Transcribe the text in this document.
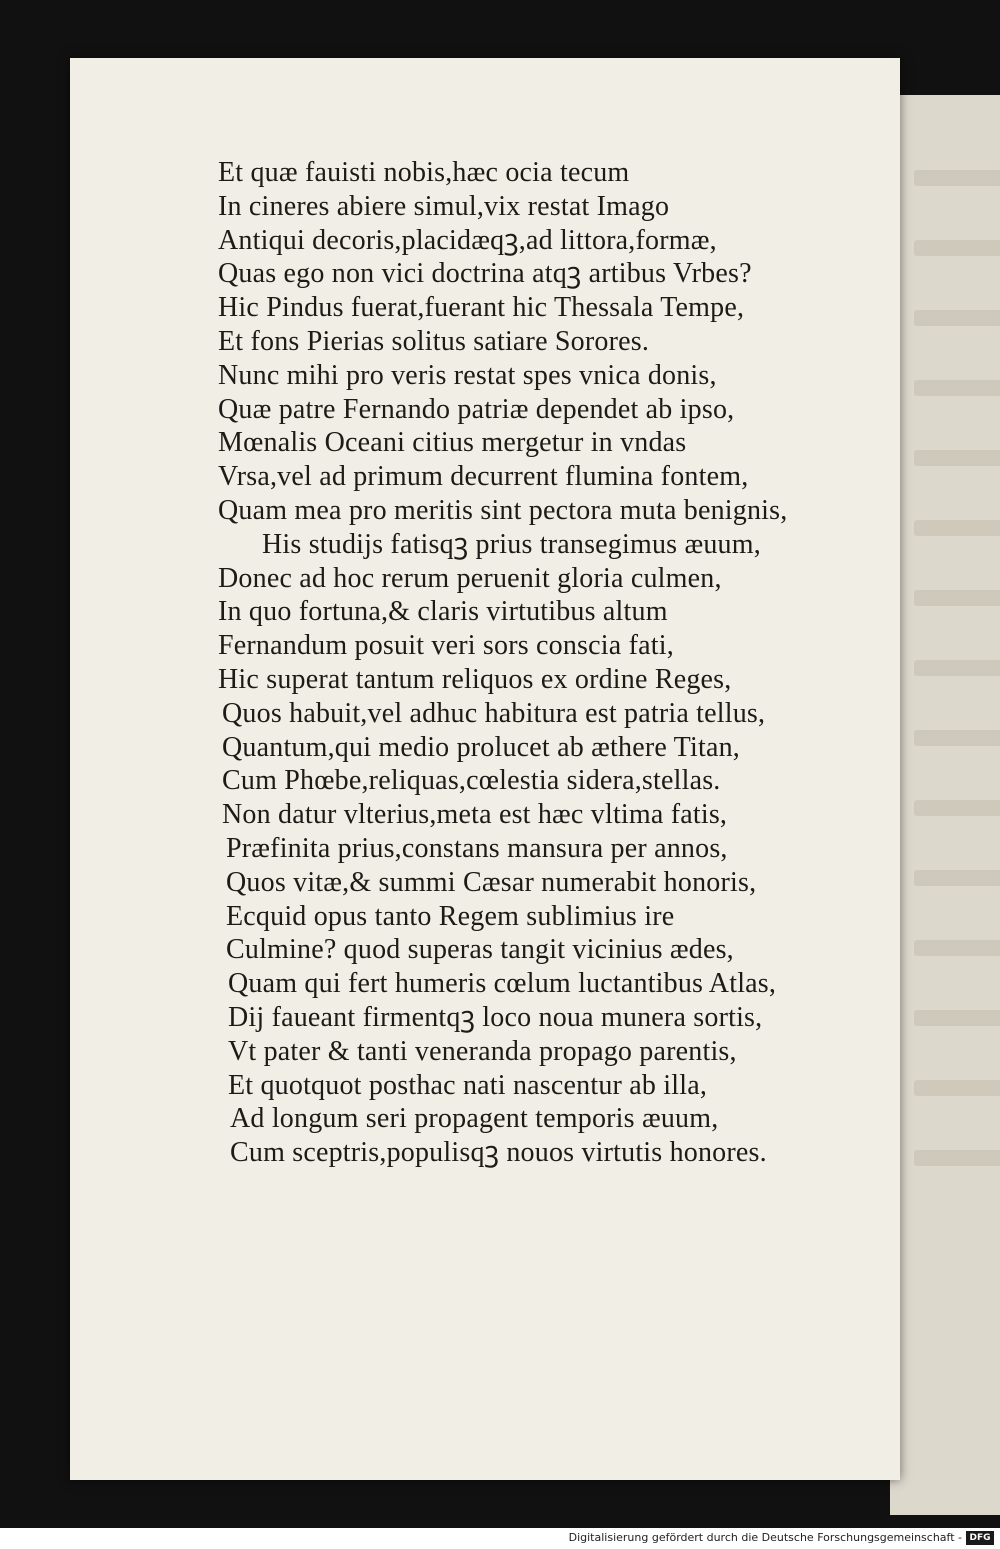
Et quæ fauisti nobis,hæc ocia tecum
In cineres abiere simul,vix restat Imago
Antiqui decoris,placidæqꝫ,ad littora,formæ,
Quas ego non vici doctrina atqꝫ artibus Vrbes?
Hic Pindus fuerat,fuerant hic Thessala Tempe,
Et fons Pierias solitus satiare Sorores.
Nunc mihi pro veris restat spes vnica donis,
Quæ patre Fernando patriæ dependet ab ipso,
Mœnalis Oceani citius mergetur in vndas
Vrsa,vel ad primum decurrent flumina fontem,
Quam mea pro meritis sint pectora muta benignis,
His studijs fatisqꝫ prius transegimus æuum,
Donec ad hoc rerum peruenit gloria culmen,
In quo fortuna,& claris virtutibus altum
Fernandum posuit veri sors conscia fati,
Hic superat tantum reliquos ex ordine Reges,
Quos habuit,vel adhuc habitura est patria tellus,
Quantum,qui medio prolucet ab æthere Titan,
Cum Phœbe,reliquas,cœlestia sidera,stellas.
Non datur vlterius,meta est hæc vltima fatis,
Præfinita prius,constans mansura per annos,
Quos vitæ,& summi Cæsar numerabit honoris,
Ecquid opus tanto Regem sublimius ire
Culmine? quod superas tangit vicinius ædes,
Quam qui fert humeris cœlum luctantibus Atlas,
Dij faueant firmentqꝫ loco noua munera sortis,
Vt pater & tanti veneranda propago parentis,
Et quotquot posthac nati nascentur ab illa,
Ad longum seri propagent temporis æuum,
Cum sceptris,populisqꝫ nouos virtutis honores.
Digitalisierung gefördert durch die Deutsche Forschungsgemeinschaft - DFG
